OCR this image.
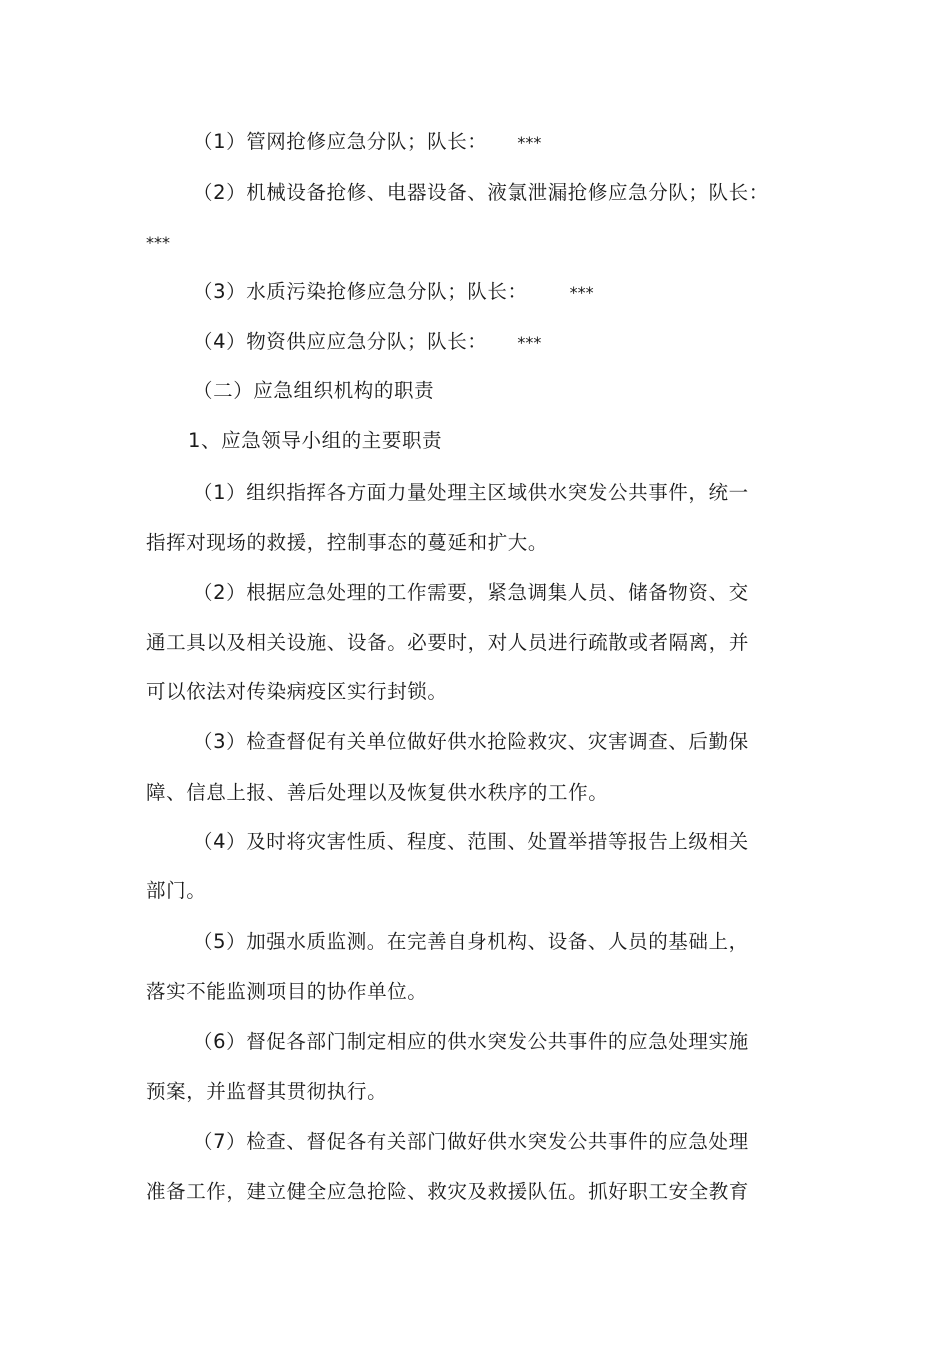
（1）管网抢修应急分队；队长： ***
（2）机械设备抢修、电器设备、液氯泄漏抢修应急分队；队长：
***
（3）水质污染抢修应急分队；队长：	***
（4）物资供应应急分队；队长： ***
（二）应急组织机构的职责
1、应急领导小组的主要职责
（1）组织指挥各方面力量处理主区域供水突发公共事件，统一
指挥对现场的救援，控制事态的蔓延和扩大。
（2）根据应急处理的工作需要，紧急调集人员、储备物资、交
通工具以及相关设施、设备。必要时，对人员进行疏散或者隔离，并
可以依法对传染病疫区实行封锁。
（3）检查督促有关单位做好供水抢险救灾、灾害调查、后勤保
障、信息上报、善后处理以及恢复供水秩序的工作。
（4）及时将灾害性质、程度、范围、处置举措等报告上级相关
部门。
（5）加强水质监测。在完善自身机构、设备、人员的基础上，
落实不能监测项目的协作单位。
（6）督促各部门制定相应的供水突发公共事件的应急处理实施
预案，并监督其贯彻执行。
（7）检查、督促各有关部门做好供水突发公共事件的应急处理
准备工作，建立健全应急抢险、救灾及救援队伍。抓好职工安全教育
